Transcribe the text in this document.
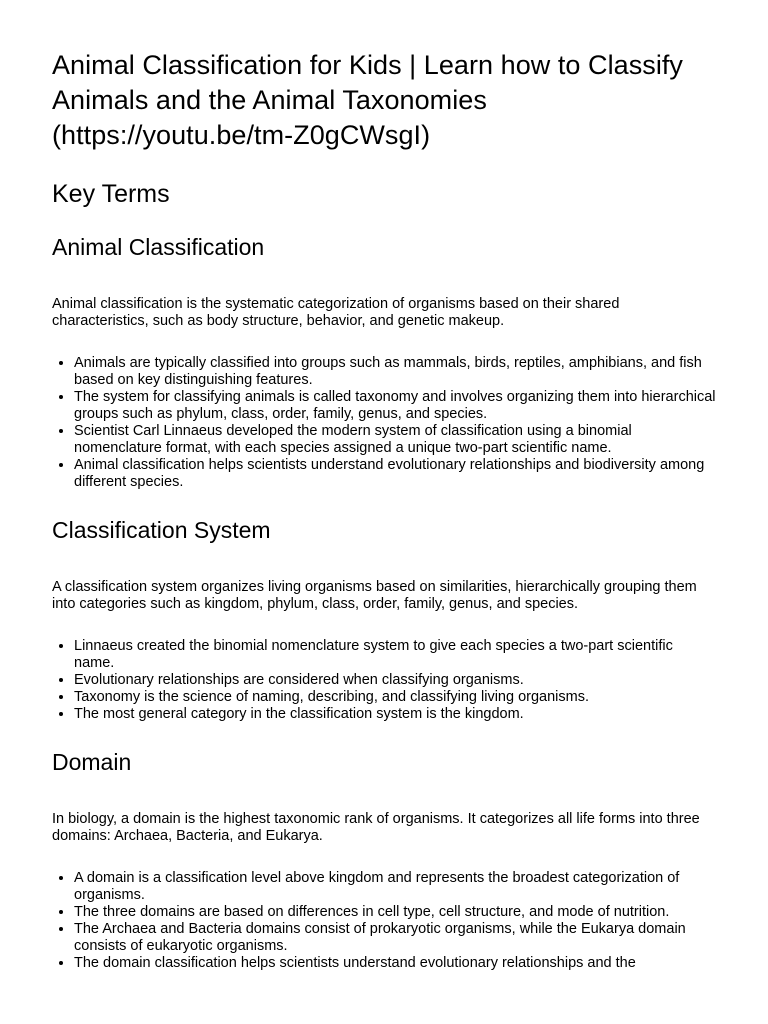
Animal Classification for Kids | Learn how to Classify Animals and the Animal Taxonomies (https://youtu.be/tm-Z0gCWsgI)
Key Terms
Animal Classification

Animal classification is the systematic categorization of organisms based on their shared characteristics, such as body structure, behavior, and genetic makeup.

• Animals are typically classified into groups such as mammals, birds, reptiles, amphibians, and fish based on key distinguishing features.
• The system for classifying animals is called taxonomy and involves organizing them into hierarchical groups such as phylum, class, order, family, genus, and species.
• Scientist Carl Linnaeus developed the modern system of classification using a binomial nomenclature format, with each species assigned a unique two-part scientific name.
• Animal classification helps scientists understand evolutionary relationships and biodiversity among different species.
Classification System

A classification system organizes living organisms based on similarities, hierarchically grouping them into categories such as kingdom, phylum, class, order, family, genus, and species.

• Linnaeus created the binomial nomenclature system to give each species a two-part scientific name.
• Evolutionary relationships are considered when classifying organisms.
• Taxonomy is the science of naming, describing, and classifying living organisms.
• The most general category in the classification system is the kingdom.
Domain

In biology, a domain is the highest taxonomic rank of organisms. It categorizes all life forms into three domains: Archaea, Bacteria, and Eukarya.

• A domain is a classification level above kingdom and represents the broadest categorization of organisms.
• The three domains are based on differences in cell type, cell structure, and mode of nutrition.
• The Archaea and Bacteria domains consist of prokaryotic organisms, while the Eukarya domain consists of eukaryotic organisms.
• The domain classification helps scientists understand evolutionary relationships and the
